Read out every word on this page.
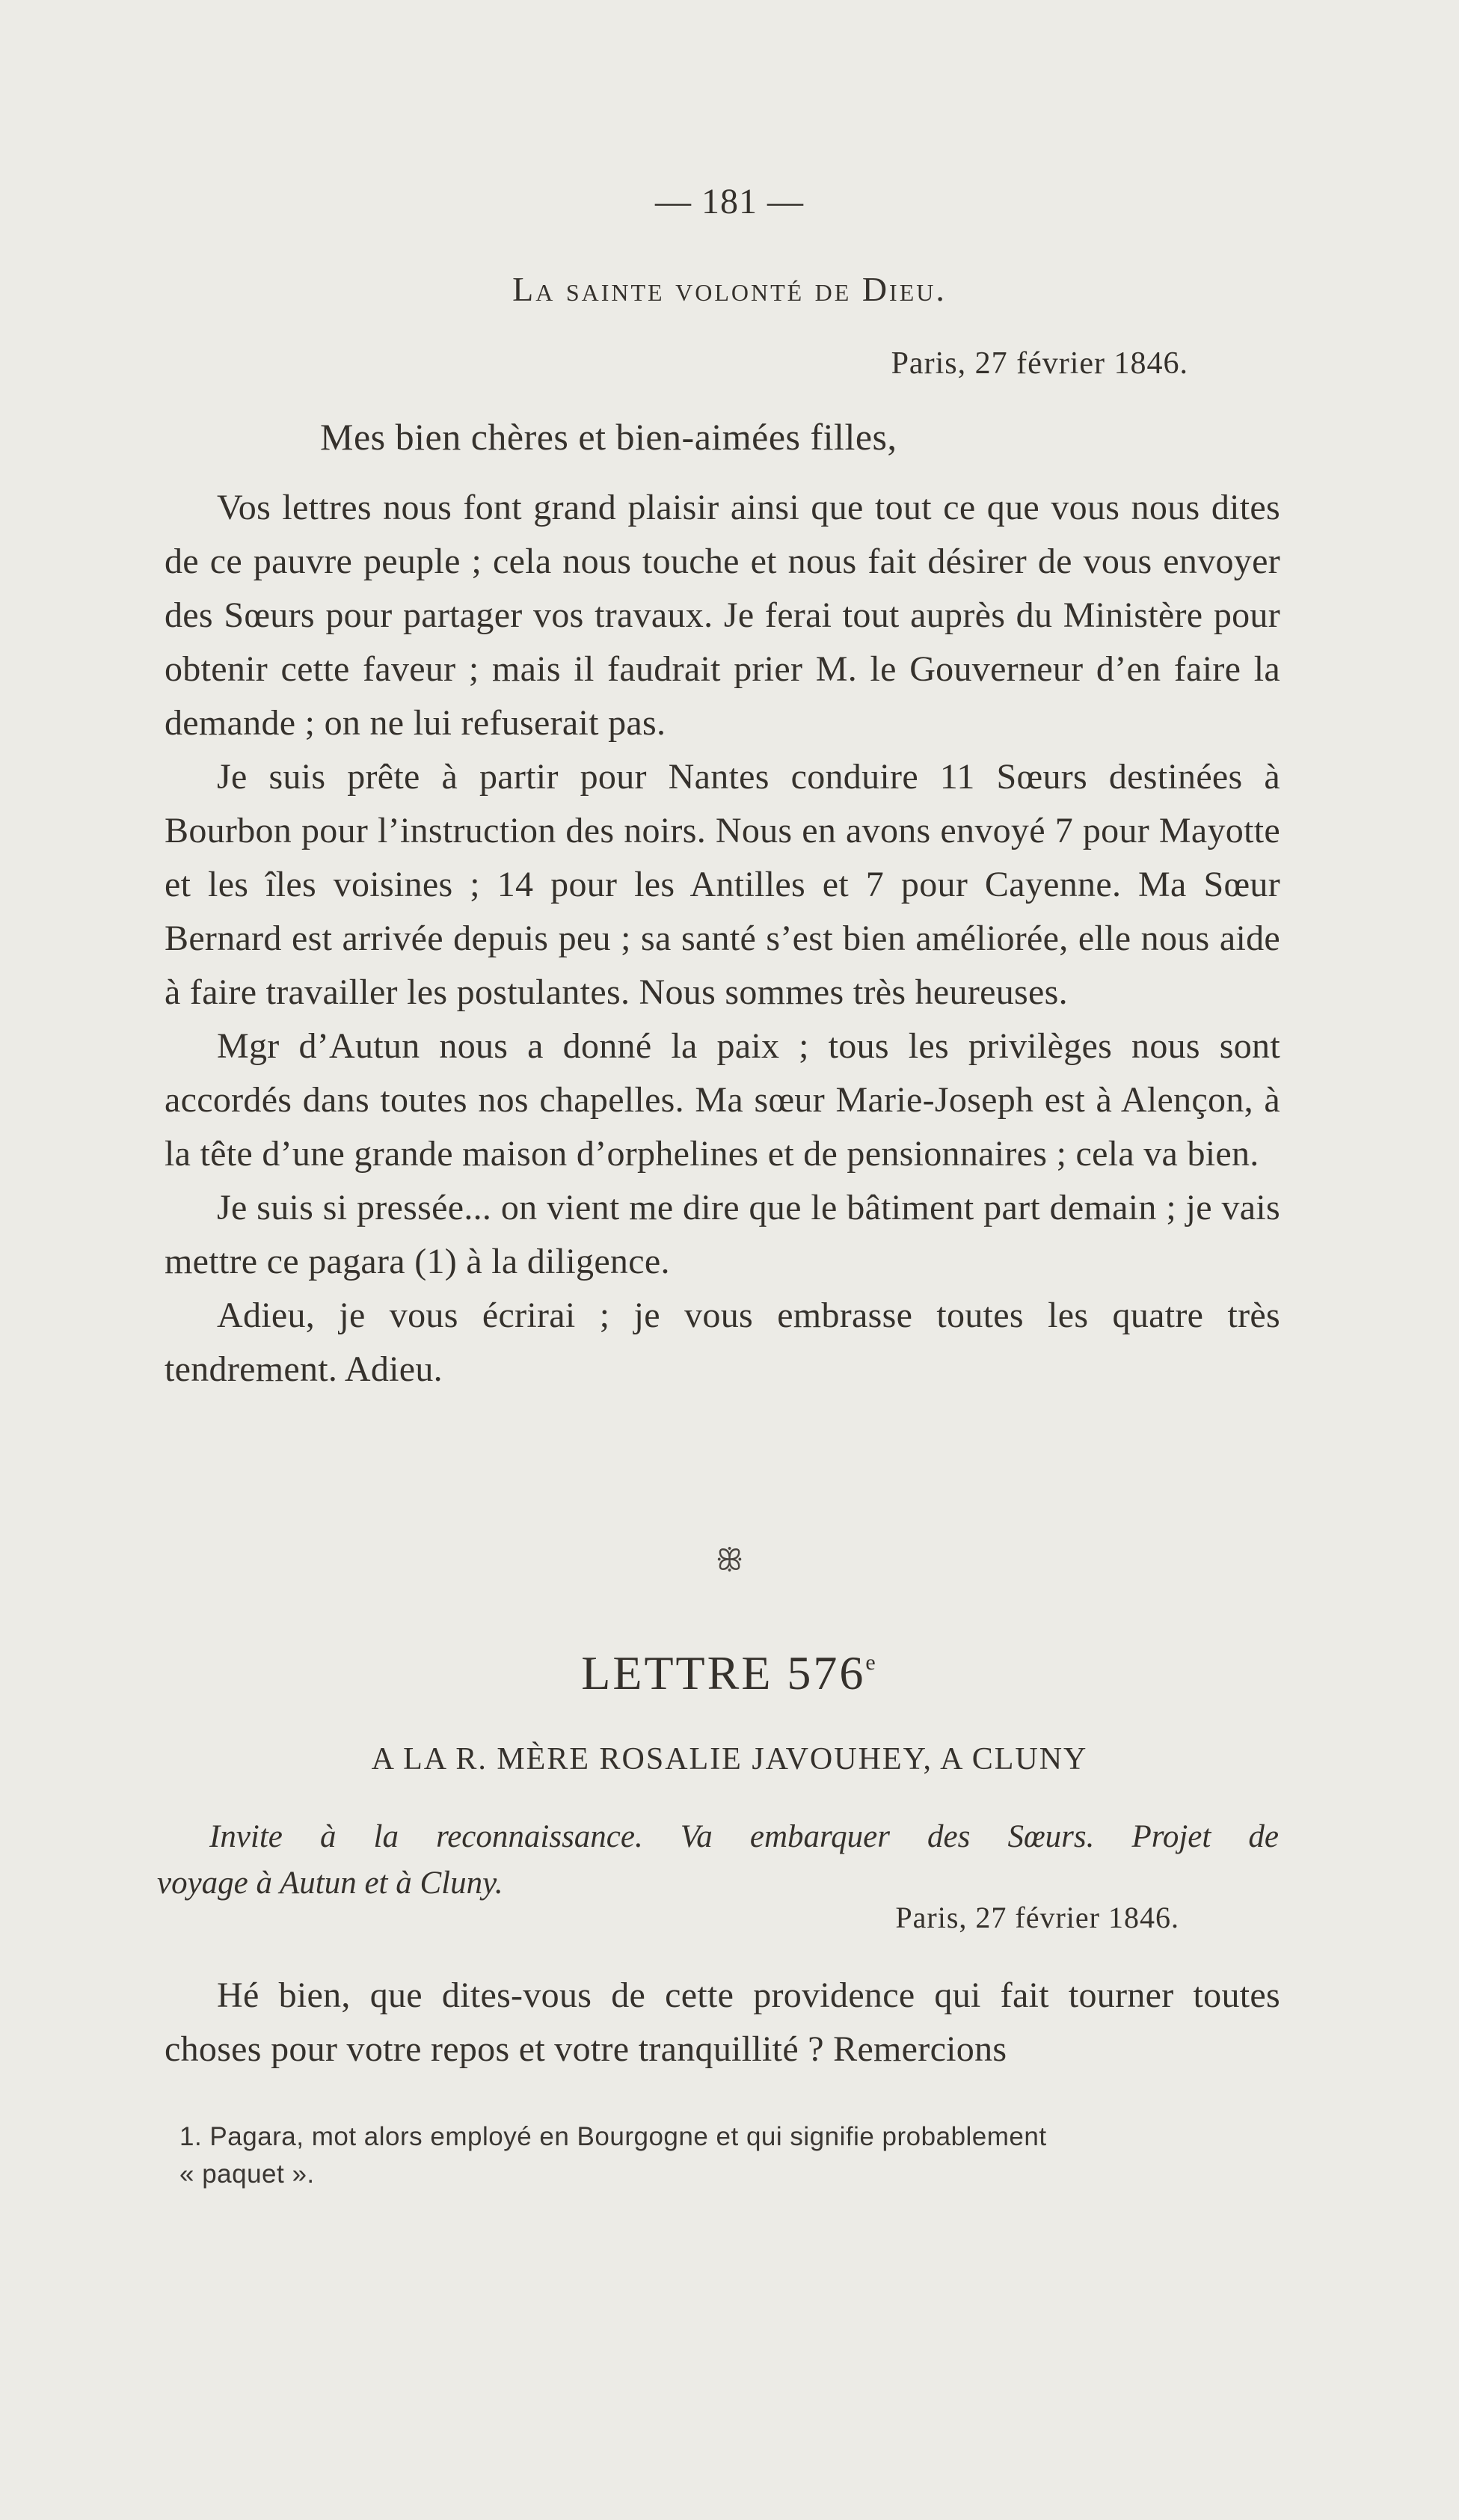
— 181 —

La sainte volonté de Dieu.

Paris, 27 février 1846.

Mes bien chères et bien-aimées filles,

Vos lettres nous font grand plaisir ainsi que tout ce que vous nous dites de ce pauvre peuple ; cela nous touche et nous fait désirer de vous envoyer des Sœurs pour partager vos travaux. Je ferai tout auprès du Ministère pour obtenir cette faveur ; mais il faudrait prier M. le Gouverneur d’en faire la demande ; on ne lui refuserait pas.

Je suis prête à partir pour Nantes conduire 11 Sœurs destinées à Bourbon pour l’instruction des noirs. Nous en avons envoyé 7 pour Mayotte et les îles voisines ; 14 pour les Antilles et 7 pour Cayenne. Ma Sœur Bernard est arrivée depuis peu ; sa santé s’est bien améliorée, elle nous aide à faire travailler les postulantes. Nous sommes très heureuses.

Mgr d’Autun nous a donné la paix ; tous les privilèges nous sont accordés dans toutes nos chapelles. Ma sœur Marie-Joseph est à Alençon, à la tête d’une grande maison d’orphelines et de pensionnaires ; cela va bien.

Je suis si pressée... on vient me dire que le bâtiment part demain ; je vais mettre ce pagara (1) à la diligence.

Adieu, je vous écrirai ; je vous embrasse toutes les quatre très tendrement. Adieu.

ꕥ
LETTRE 576e

A LA R. MÈRE ROSALIE JAVOUHEY, A CLUNY

Invite à la reconnaissance. Va embarquer des Sœurs. Projet de
voyage à Autun et à Cluny.

Paris, 27 février 1846.

Hé bien, que dites-vous de cette providence qui fait tourner toutes choses pour votre repos et votre tranquillité ? Remercions

1. Pagara, mot alors employé en Bourgogne et qui signifie probablement
« paquet ».
